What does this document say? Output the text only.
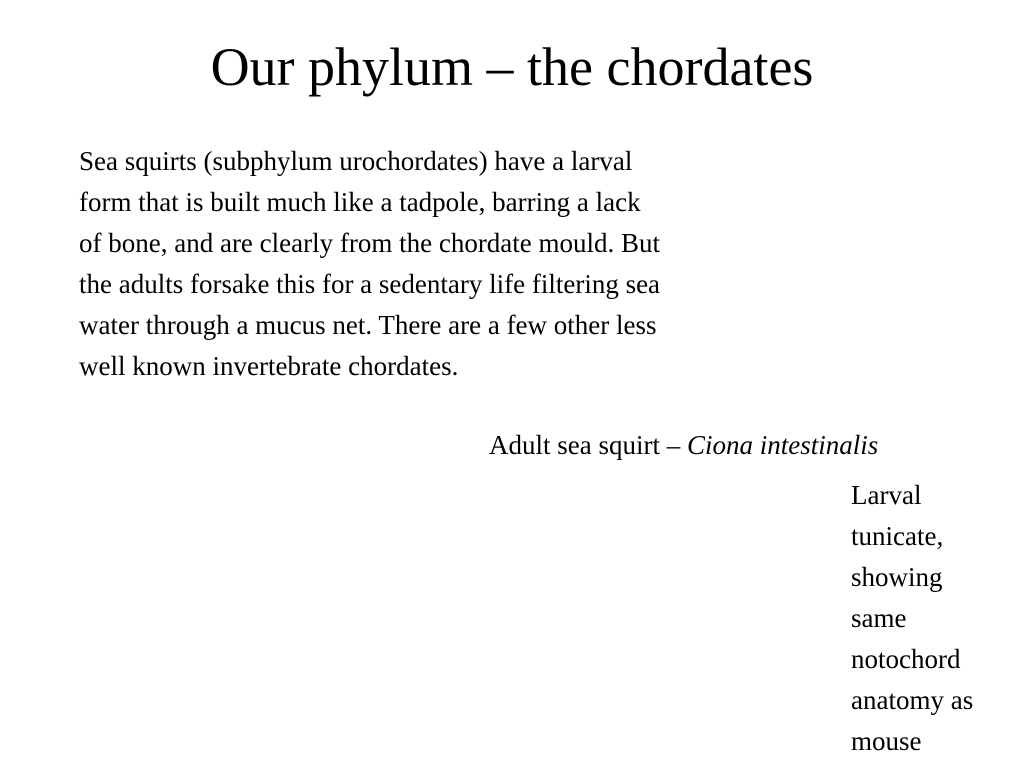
Our phylum – the chordates

Sea squirts (subphylum urochordates) have a larval
form that is built much like a tadpole, barring a lack
of bone, and are clearly from the chordate mould. But
the adults forsake this for a sedentary life filtering sea
water through a mucus net. There are a few other less
well known invertebrate chordates.

Adult sea squirt – Ciona intestinalis

Larval
tunicate,
showing
same
notochord
anatomy as
mouse
